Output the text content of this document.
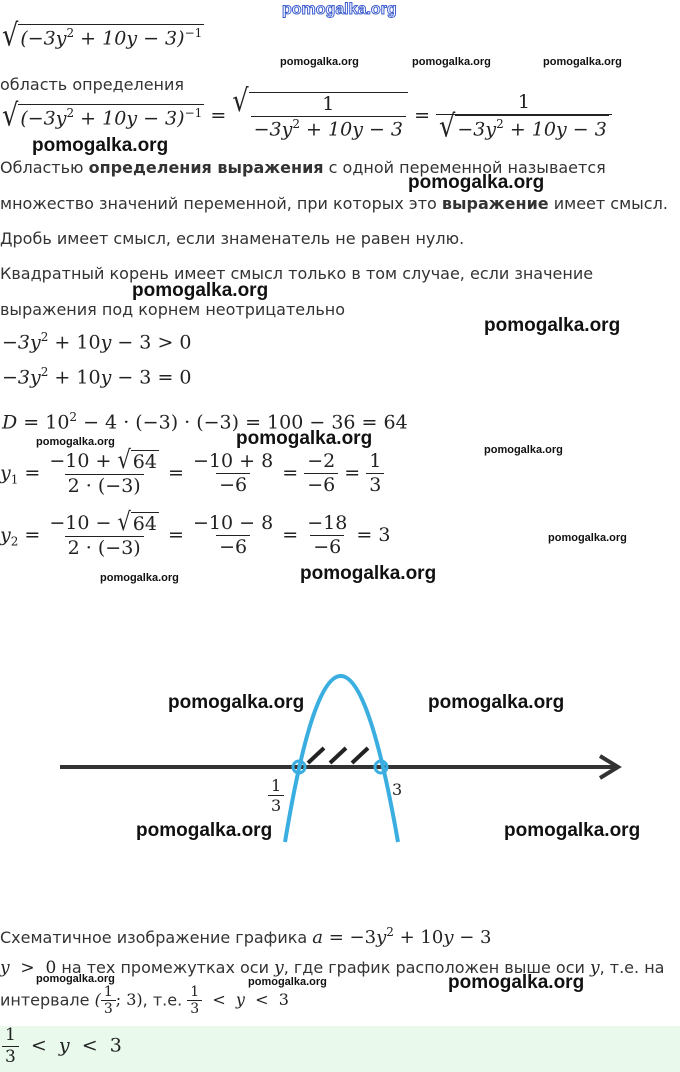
pomogalka.org
√ $(-3y^2 + 10y - 3)^{-1}$
pomogalka.org	pomogalka.org	pomogalka.org
область определения
√ $(-3y^2 + 10y - 3)^{-1}$ = √ $\frac{1}{-3y^2 + 10y - 3} = \frac{1}{√ -3y^2 + 10y - 3}$
pomogalka.org
Областью определения выражения с одной переменной называется
pomogalka.org
множество значений переменной, при которых это выражение имеет смысл.
Дробь имеет смысл, если знаменатель не равен нулю.
Квадратный корень имеет смысл только в том случае, если значение
pomogalka.org
выражения под корнем неотрицательно
pomogalka.org
$-3y^2 + 10y - 3 > 0$
$-3y^2 + 10y - 3 = 0$
$D = 10^2 - 4 \cdot (-3) \cdot (-3) = 100 - 36 = 64$
pomogalka.org	pomogalka.org
pomogalka.org
$y_1 = \frac{-10 + √ 64}{2 \cdot (-3)} = \frac{-10 + 8}{-6} = \frac{-2}{-6} = \frac{1}{3}$
pomogalka.org
$y_2 = \frac{-10 - √ 64}{2 \cdot (-3)} = \frac{-10 - 8}{-6} = \frac{-18}{-6} = 3$
pomogalka.org	pomogalka.org
pomogalka.org	pomogalka.org
$\frac{1}{3}$	3
pomogalka.org	pomogalka.org
Схематичное изображение графика $a = -3y^2 + 10y - 3$
y  >  0 на тех промежутках оси y, где график расположен выше оси y, т.е. на
pomogalka.org	pomogalka.org	pomogalka.org
интервале ( $\frac{1}{3}$ ; 3), т.е. $\frac{1}{3} < y < 3$
$\frac{1}{3} < y < 3$
